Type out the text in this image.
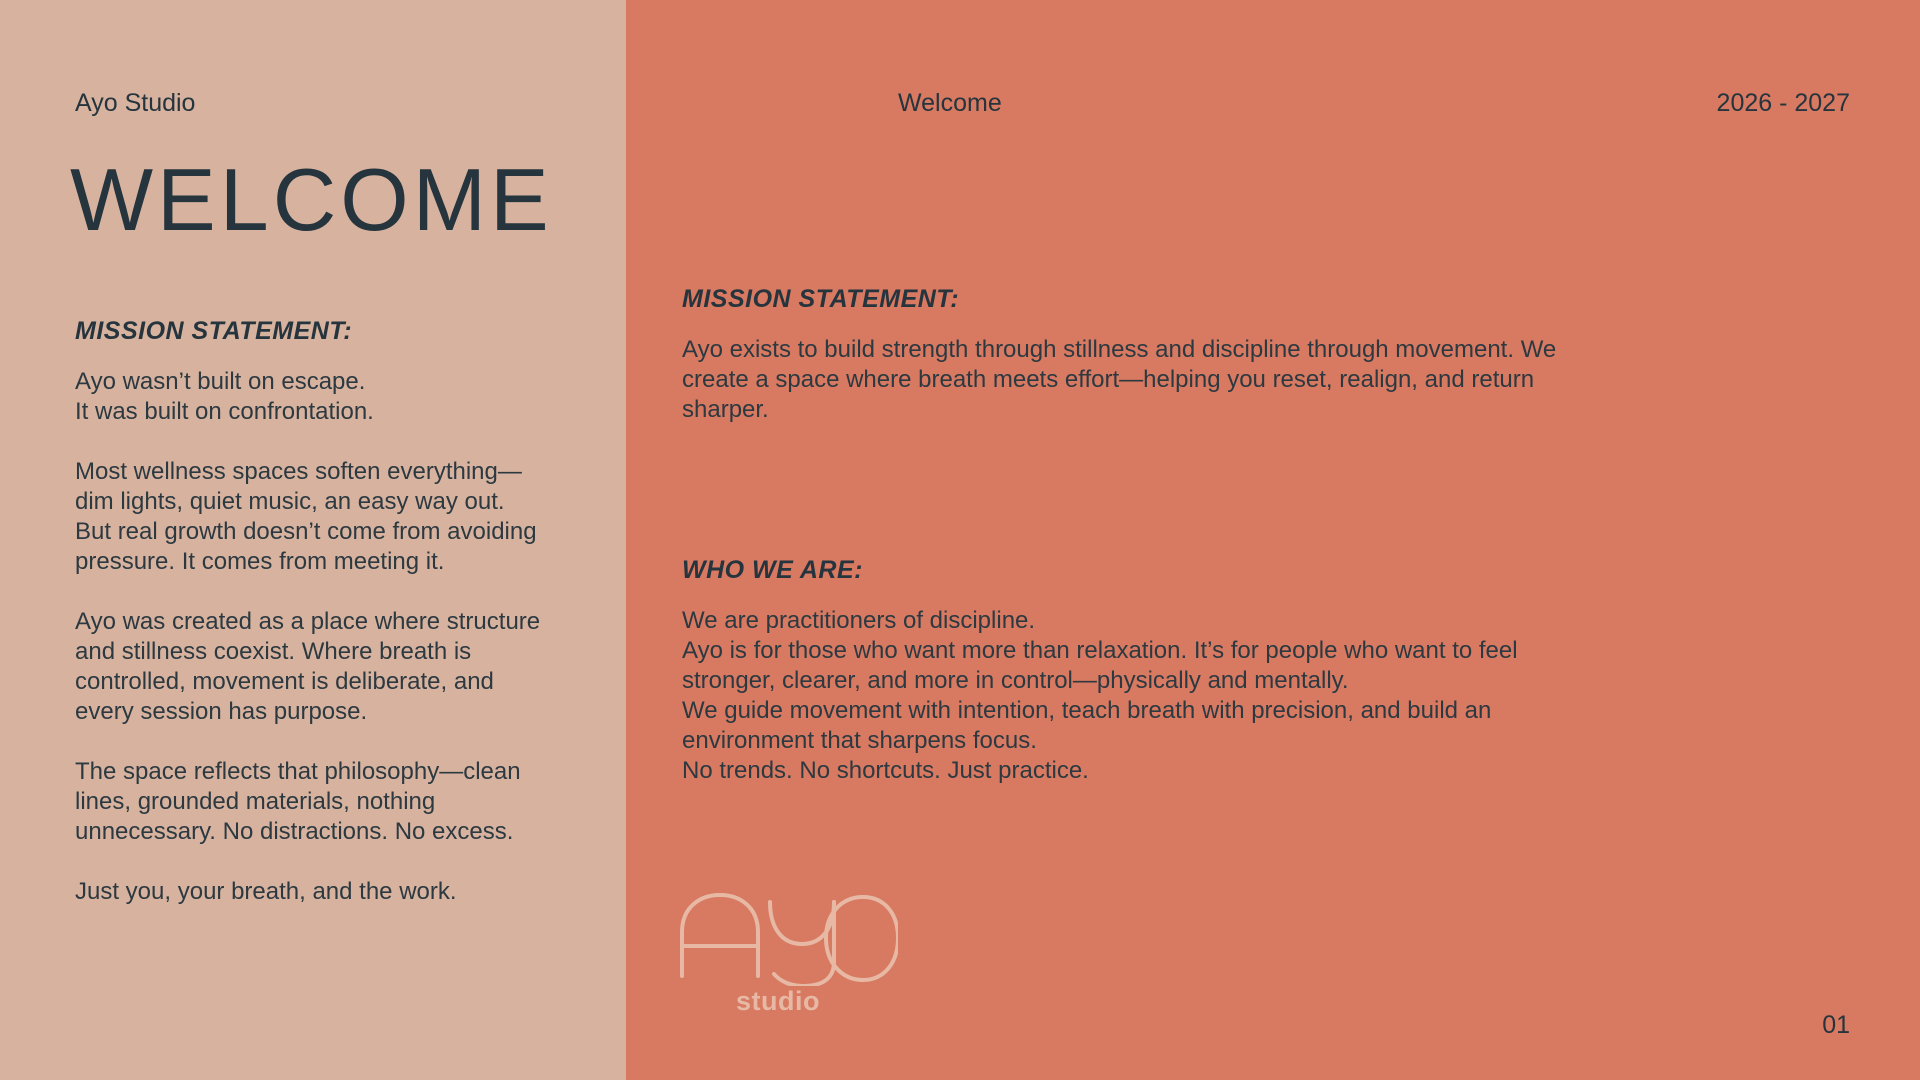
Ayo Studio	Welcome	2026 - 2027
WELCOME
MISSION STATEMENT:

Ayo wasn’t built on escape.
It was built on confrontation.

Most wellness spaces soften everything—dim lights, quiet music, an easy way out. But real growth doesn’t come from avoiding pressure. It comes from meeting it.

Ayo was created as a place where structure and stillness coexist. Where breath is controlled, movement is deliberate, and every session has purpose.

The space reflects that philosophy—clean lines, grounded materials, nothing unnecessary. No distractions. No excess.

Just you, your breath, and the work.

MISSION STATEMENT:

Ayo exists to build strength through stillness and discipline through movement. We create a space where breath meets effort—helping you reset, realign, and return sharper.

WHO WE ARE:

We are practitioners of discipline.
Ayo is for those who want more than relaxation. It’s for people who want to feel stronger, clearer, and more in control—physically and mentally.
We guide movement with intention, teach breath with precision, and build an environment that sharpens focus.
No trends. No shortcuts. Just practice.

studio
01
